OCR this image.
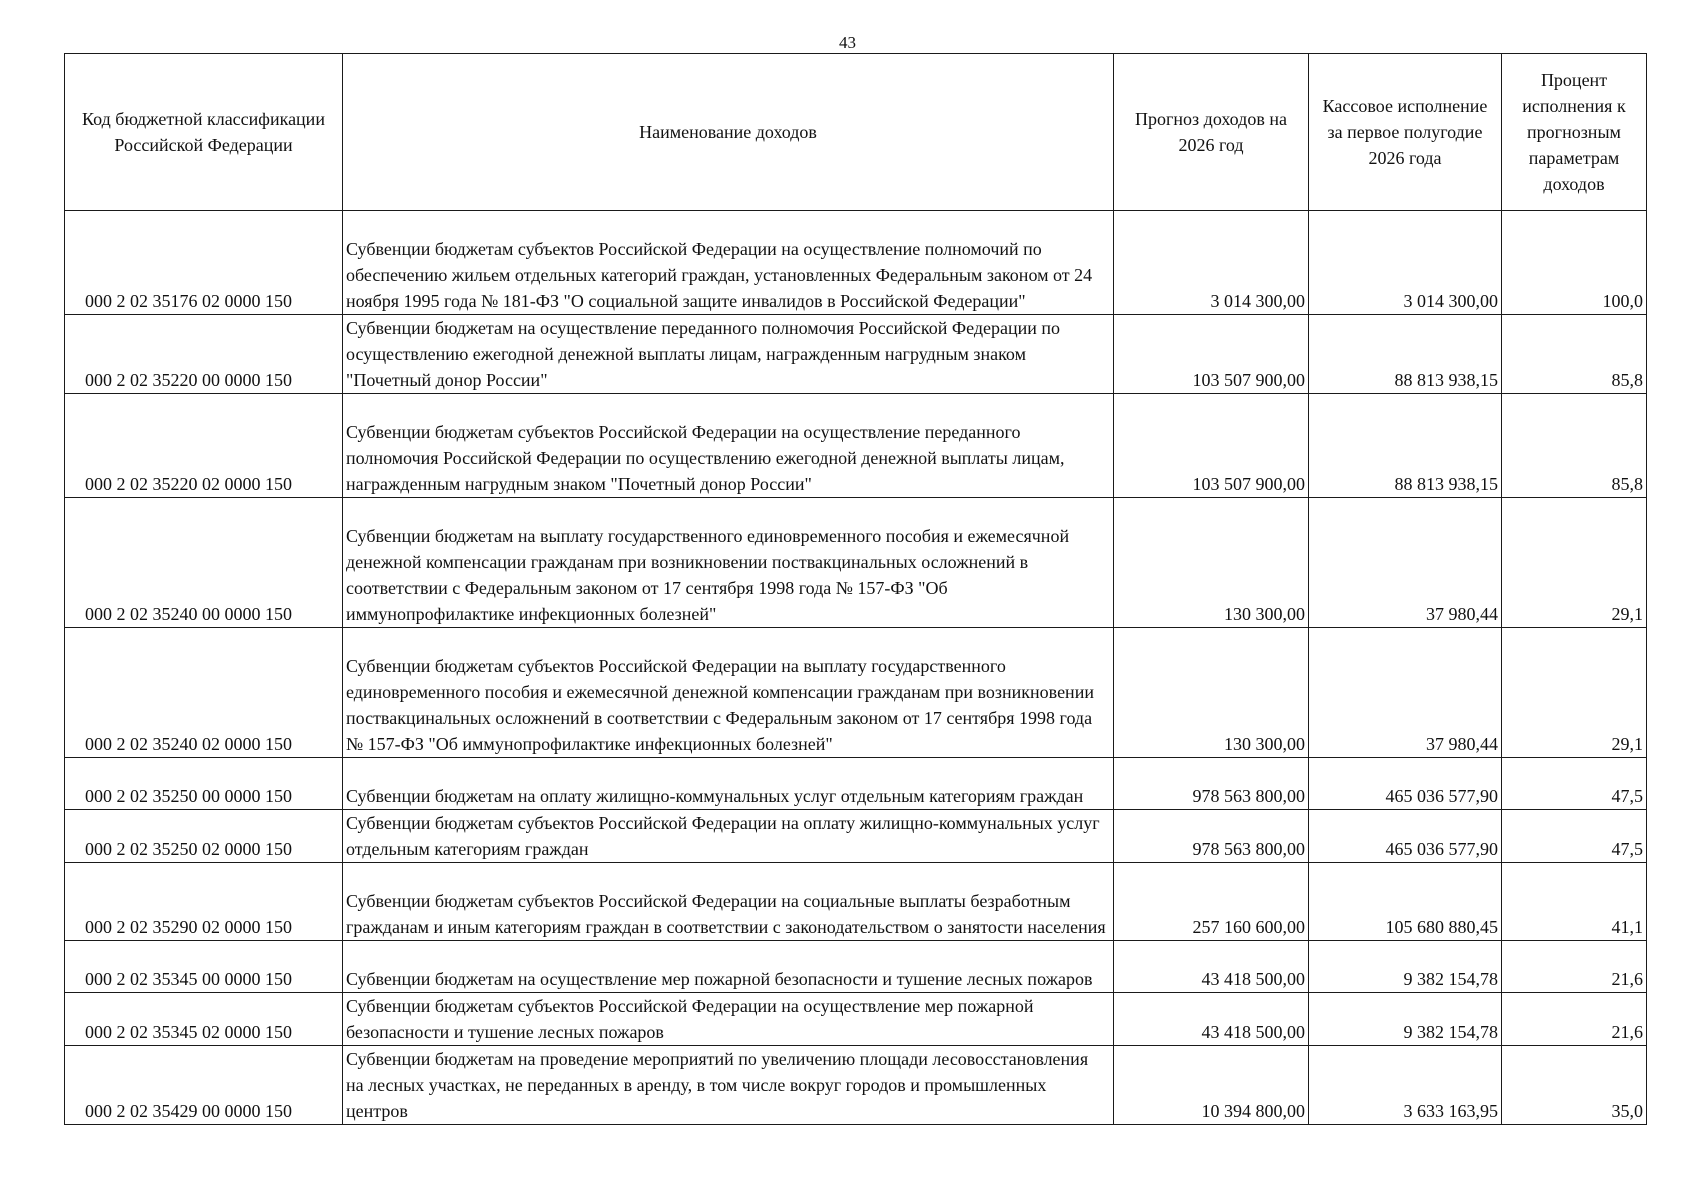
43
Код бюджетной классификации Российской Федерации	Наименование доходов	Прогноз доходов на 2026 год	Кассовое исполнение за первое полугодие 2026 года	Процент исполнения к прогнозным параметрам доходов
000 2 02 35176 02 0000 150	Субвенции бюджетам субъектов Российской Федерации на осуществление полномочий по обеспечению жильем отдельных категорий граждан, установленных Федеральным законом от 24 ноября 1995 года № 181-ФЗ "О социальной защите инвалидов в Российской Федерации"	3 014 300,00	3 014 300,00	100,0
000 2 02 35220 00 0000 150	Субвенции бюджетам на осуществление переданного полномочия Российской Федерации по осуществлению ежегодной денежной выплаты лицам, награжденным нагрудным знаком "Почетный донор России"	103 507 900,00	88 813 938,15	85,8
000 2 02 35220 02 0000 150	Субвенции бюджетам субъектов Российской Федерации на осуществление переданного полномочия Российской Федерации по осуществлению ежегодной денежной выплаты лицам, награжденным нагрудным знаком "Почетный донор России"	103 507 900,00	88 813 938,15	85,8
000 2 02 35240 00 0000 150	Субвенции бюджетам на выплату государственного единовременного пособия и ежемесячной денежной компенсации гражданам при возникновении поствакцинальных осложнений в соответствии с Федеральным законом от 17 сентября 1998 года № 157-ФЗ "Об иммунопрофилактике инфекционных болезней"	130 300,00	37 980,44	29,1
000 2 02 35240 02 0000 150	Субвенции бюджетам субъектов Российской Федерации на выплату государственного единовременного пособия и ежемесячной денежной компенсации гражданам при возникновении поствакцинальных осложнений в соответствии с Федеральным законом от 17 сентября 1998 года № 157-ФЗ "Об иммунопрофилактике инфекционных болезней"	130 300,00	37 980,44	29,1
000 2 02 35250 00 0000 150	Субвенции бюджетам на оплату жилищно-коммунальных услуг отдельным категориям граждан	978 563 800,00	465 036 577,90	47,5
000 2 02 35250 02 0000 150	Субвенции бюджетам субъектов Российской Федерации на оплату жилищно-коммунальных услуг отдельным категориям граждан	978 563 800,00	465 036 577,90	47,5
000 2 02 35290 02 0000 150	Субвенции бюджетам субъектов Российской Федерации на социальные выплаты безработным гражданам и иным категориям граждан в соответствии с законодательством о занятости населения	257 160 600,00	105 680 880,45	41,1
000 2 02 35345 00 0000 150	Субвенции бюджетам на осуществление мер пожарной безопасности и тушение лесных пожаров	43 418 500,00	9 382 154,78	21,6
000 2 02 35345 02 0000 150	Субвенции бюджетам субъектов Российской Федерации на осуществление мер пожарной безопасности и тушение лесных пожаров	43 418 500,00	9 382 154,78	21,6
000 2 02 35429 00 0000 150	Субвенции бюджетам на проведение мероприятий по увеличению площади лесовосстановления на лесных участках, не переданных в аренду, в том числе вокруг городов и промышленных центров	10 394 800,00	3 633 163,95	35,0
